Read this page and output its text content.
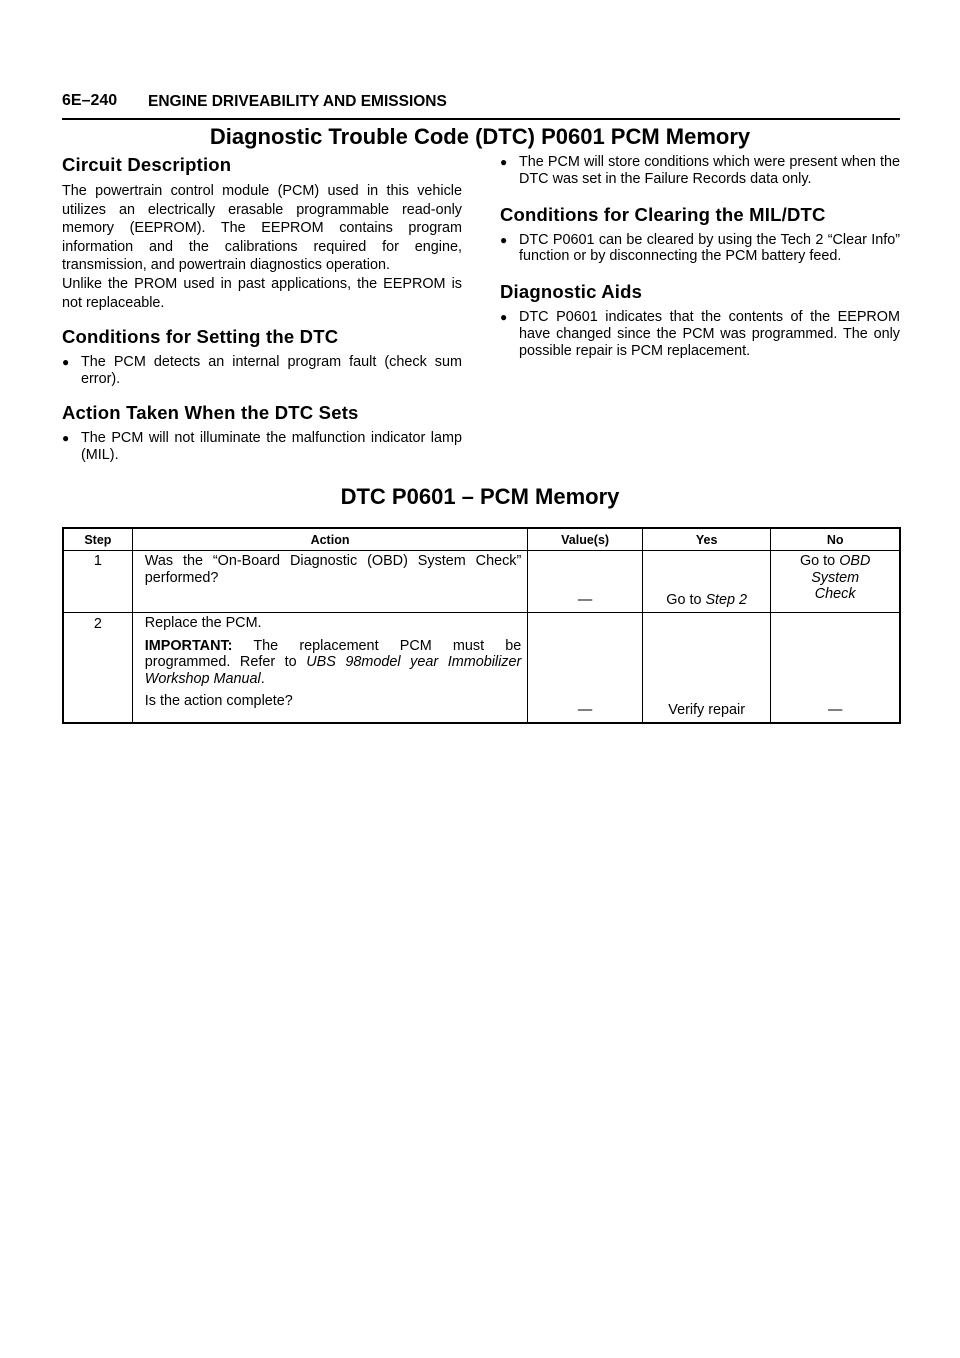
6E–240 ENGINE DRIVEABILITY AND EMISSIONS
Diagnostic Trouble Code (DTC) P0601 PCM Memory
Circuit Description

The powertrain control module (PCM) used in this vehicle utilizes an electrically erasable programmable read-only memory (EEPROM). The EEPROM contains program information and the calibrations required for engine, transmission, and powertrain diagnostics operation.

Unlike the PROM used in past applications, the EEPROM is not replaceable.

Conditions for Setting the DTC
● The PCM detects an internal program fault (check sum error).
Action Taken When the DTC Sets
● The PCM will not illuminate the malfunction indicator lamp (MIL).
● The PCM will store conditions which were present when the DTC was set in the Failure Records data only.
Conditions for Clearing the MIL/DTC
● DTC P0601 can be cleared by using the Tech 2 “Clear Info” function or by disconnecting the PCM battery feed.
Diagnostic Aids
● DTC P0601 indicates that the contents of the EEPROM have changed since the PCM was programmed. The only possible repair is PCM replacement.
DTC P0601 – PCM Memory
Step	Action	Value(s)	Yes	No

1	Was the “On-Board Diagnostic (OBD) System Check” performed?	—	Go to Step 2	Go to OBD
System
Check

2	Replace the PCM.
IMPORTANT: The replacement PCM must be programmed. Refer to UBS 98model year Immobilizer Workshop Manual.
Is the action complete?	—	Verify repair	—
